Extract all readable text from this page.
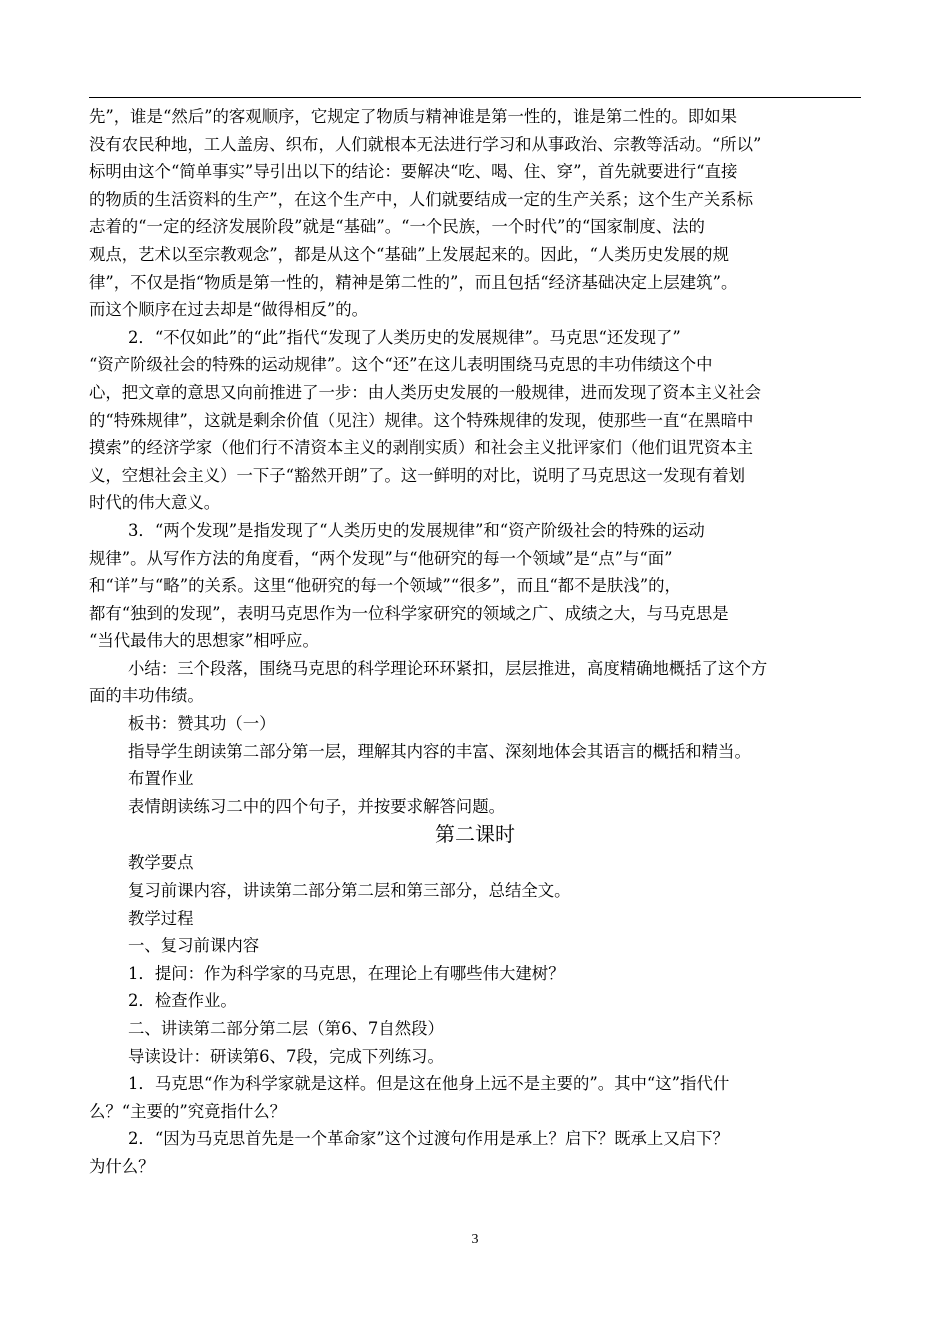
先”，谁是“然后”的客观顺序，它规定了物质与精神谁是第一性的，谁是第二性的。即如果
没有农民种地，工人盖房、织布，人们就根本无法进行学习和从事政治、宗教等活动。“所以”
标明由这个“简单事实”导引出以下的结论：要解决“吃、喝、住、穿”，首先就要进行“直接
的物质的生活资料的生产”，在这个生产中，人们就要结成一定的生产关系；这个生产关系标
志着的“一定的经济发展阶段”就是“基础”。“一个民族，一个时代”的“国家制度、法的
观点，艺术以至宗教观念”，都是从这个“基础”上发展起来的。因此，“人类历史发展的规
律”，不仅是指“物质是第一性的，精神是第二性的”，而且包括“经济基础决定上层建筑”。
而这个顺序在过去却是“做得相反”的。
2．“不仅如此”的“此”指代“发现了人类历史的发展规律”。马克思“还发现了”
“资产阶级社会的特殊的运动规律”。这个“还”在这儿表明围绕马克思的丰功伟绩这个中
心，把文章的意思又向前推进了一步：由人类历史发展的一般规律，进而发现了资本主义社会
的“特殊规律”，这就是剩余价值（见注）规律。这个特殊规律的发现，使那些一直“在黑暗中
摸索”的经济学家（他们行不清资本主义的剥削实质）和社会主义批评家们（他们诅咒资本主
义，空想社会主义）一下子“豁然开朗”了。这一鲜明的对比，说明了马克思这一发现有着划
时代的伟大意义。
3．“两个发现”是指发现了“人类历史的发展规律”和“资产阶级社会的特殊的运动
规律”。从写作方法的角度看，“两个发现”与“他研究的每一个领域”是“点”与“面”
和“详”与“略”的关系。这里“他研究的每一个领域”“很多”，而且“都不是肤浅”的，
都有“独到的发现”，表明马克思作为一位科学家研究的领域之广、成绩之大，与马克思是
“当代最伟大的思想家”相呼应。
小结：三个段落，围绕马克思的科学理论环环紧扣，层层推进，高度精确地概括了这个方
面的丰功伟绩。
板书：赞其功（一）
指导学生朗读第二部分第一层，理解其内容的丰富、深刻地体会其语言的概括和精当。
布置作业
表情朗读练习二中的四个句子，并按要求解答问题。
第二课时
教学要点
复习前课内容，讲读第二部分第二层和第三部分，总结全文。
教学过程
一、复习前课内容
1．提问：作为科学家的马克思，在理论上有哪些伟大建树？
2．检查作业。
二、讲读第二部分第二层（第6、7自然段）
导读设计：研读第6、7段，完成下列练习。
1．马克思“作为科学家就是这样。但是这在他身上远不是主要的”。其中“这”指代什
么？“主要的”究竟指什么？
2．“因为马克思首先是一个革命家”这个过渡句作用是承上？启下？既承上又启下？
为什么？
3
